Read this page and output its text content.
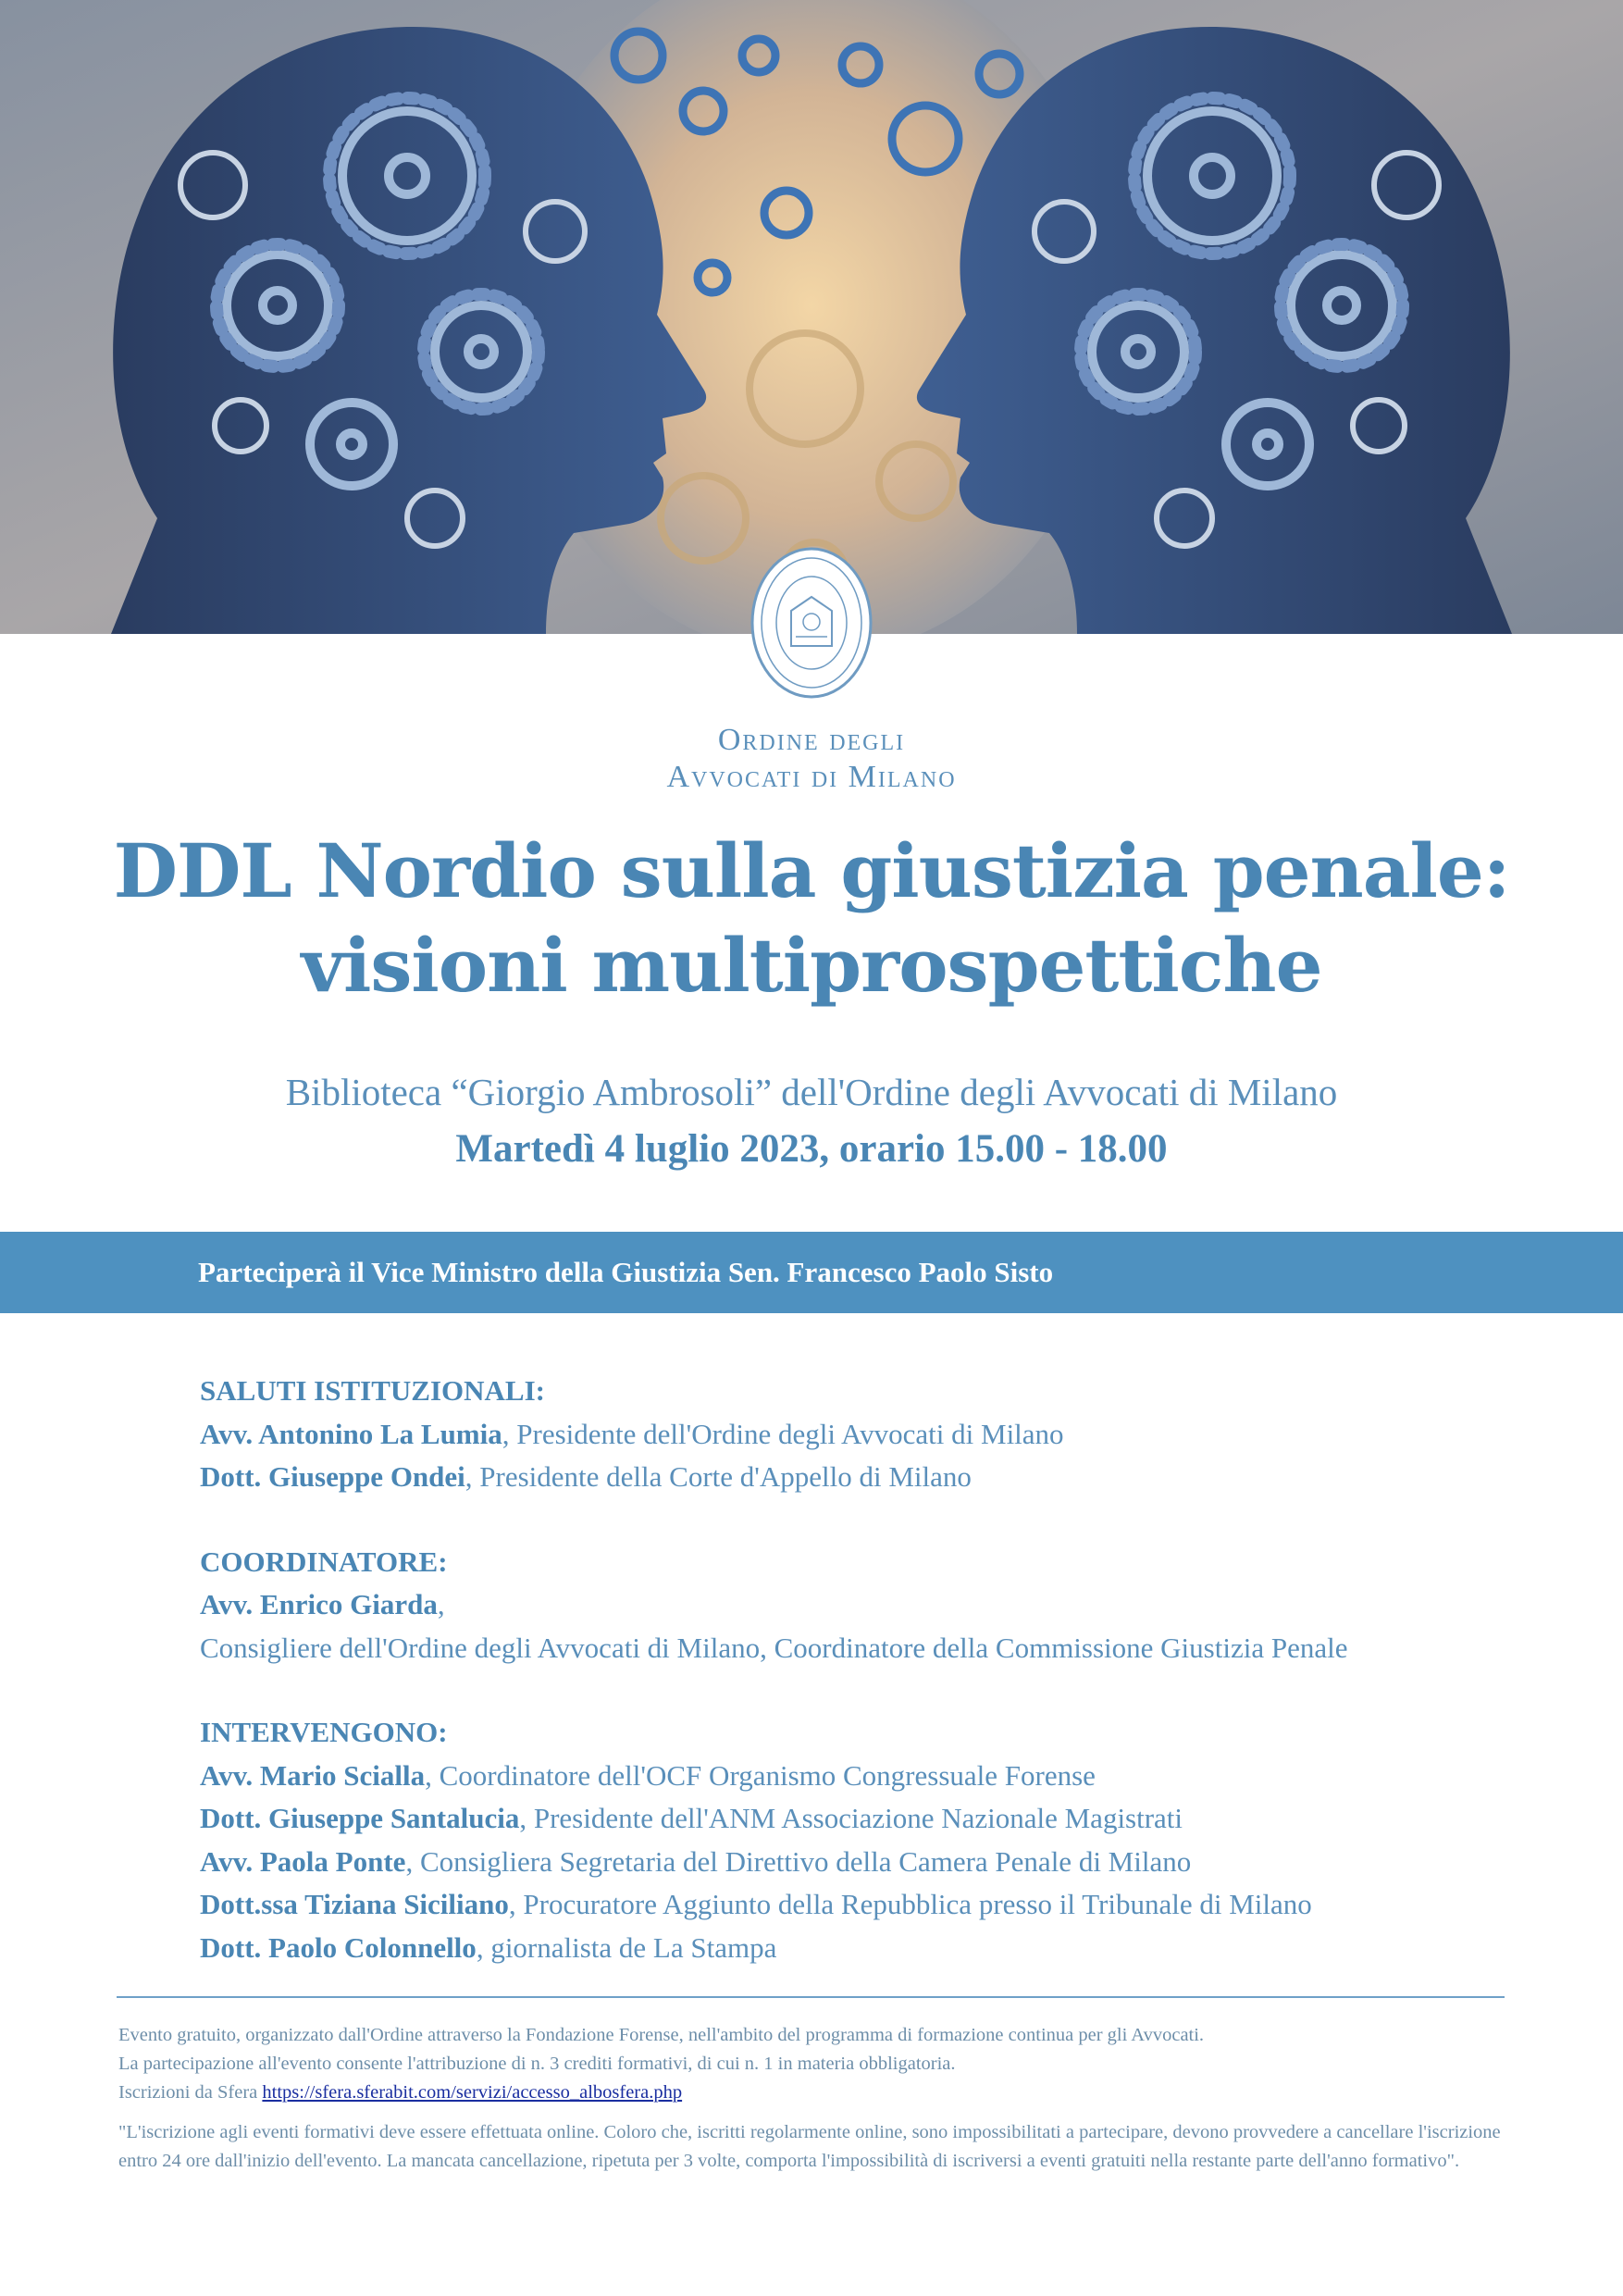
Ordine degli
Avvocati di Milano
DDL Nordio sulla giustizia penale:
visioni multiprospettiche
Biblioteca “Giorgio Ambrosoli” dell'Ordine degli Avvocati di Milano
Martedì 4 luglio 2023, orario 15.00 - 18.00
Parteciperà il Vice Ministro della Giustizia Sen. Francesco Paolo Sisto
SALUTI ISTITUZIONALI:
Avv. Antonino La Lumia, Presidente dell'Ordine degli Avvocati di Milano
Dott. Giuseppe Ondei, Presidente della Corte d'Appello di Milano
COORDINATORE:
Avv. Enrico Giarda,
Consigliere dell'Ordine degli Avvocati di Milano, Coordinatore della Commissione Giustizia Penale
INTERVENGONO:
Avv. Mario Scialla, Coordinatore dell'OCF Organismo Congressuale Forense
Dott. Giuseppe Santalucia, Presidente dell'ANM Associazione Nazionale Magistrati
Avv. Paola Ponte, Consigliera Segretaria del Direttivo della Camera Penale di Milano
Dott.ssa Tiziana Siciliano, Procuratore Aggiunto della Repubblica presso il Tribunale di Milano
Dott. Paolo Colonnello, giornalista de La Stampa
Evento gratuito, organizzato dall'Ordine attraverso la Fondazione Forense, nell'ambito del programma di formazione continua per gli Avvocati.
La partecipazione all'evento consente l'attribuzione di n. 3 crediti formativi, di cui n. 1 in materia obbligatoria.
Iscrizioni da Sfera https://sfera.sferabit.com/servizi/accesso_albosfera.php
"L'iscrizione agli eventi formativi deve essere effettuata online. Coloro che, iscritti regolarmente online, sono impossibilitati a partecipare, devono provvedere a cancellare l'iscrizione entro 24 ore dall'inizio dell'evento. La mancata cancellazione, ripetuta per 3 volte, comporta l'impossibilità di iscriversi a eventi gratuiti nella restante parte dell'anno formativo".
